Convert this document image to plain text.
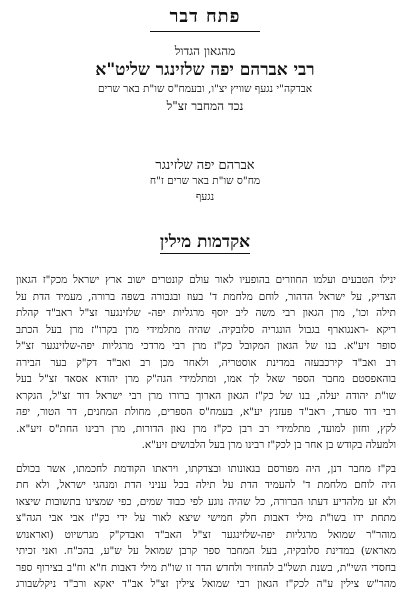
פתח דבר
מהגאון הגדול
רבי אברהם יפה שלזינגר שליט"א
אבדקה"י נגעף שוויץ יצ"ו, ובעמח"ס שו"ת באר שרים
נכד המחבר זצ"ל
אברהם יפה שלזינגר
מח"ס שו"ת באר שרים ז"ח
נגעף
אקדמות מילין
ינילו הטבעים ועלמו החוזרים בהופעיו לאור עולם קונטרים ישוב ארץ ישראל מכק"ז הגאון
הצדיק, על ישראל הדהור, לוחם מלחמת ד' בעוז ובגבורה בשפה ברורה, מעמיד הדת על
תילה וכו', מרן הגאון רבי משה ליב יוסף מרגליות יפה- שלזינגער זצ"ל ראב"ד קהלת
ריקא -ראנגוארף בגבול הונגריה סלובקיה. שהיה מתלמידי מרן בקרו"ז מרן בעל הכתב
סופר זיע"א. בנו של הגאון המקובל כק"ז מרן רבי מרדכי מרגליות יפה-שלזינגער זצ"ל
רב ואב"ד קירכבעזה במדינת אוסטריה, ולאחר מכן רב ואב"ד דק"ק בער הבירה
בוהאפסטם מחבר הספר שאל לך אמו, ומתלמידי הגה"ק מרן יהודא אסאד זצ"ל בעל
שו"ת יהודה יעלה, בנו של כק"ז הגאון הארוך ברורו מרן רבי ישראל דוד זצ"ל, הגקרא
רבי דוד סערד, ראב"ד פעזנץ יע"א, בעמח"ס הספרים, מחולת המחנים, דר הטור, יפה
לקץ, וחזון למועד, מתלמידי רב רבן כק"ז מרן נאון הדורות, מרן רבינו החת"ס זיע"א.
ולמעלה בקודש בן אחר בן לכק"ז רבינו מרן בעל הלבושים זיע"א.
בק"ז מחבר דנן, היה מפורסם בגאונותו ובצדקתו, ויראתו הקודמת לחכמתו, אשר בכולם
היה לוחם מלחמת ד' להעמיד הדת על תילה בכל עניני הדת ומנהגי ישראל, ולא חת
ולא זע מלהדיע דעתו הברורה, כל שהיה נוגע לפי כבוד שמים, כפי שמצינו בתשובות שיצאו
מתחת ידו בשו"ת מילי דאבות חלק חמישי שיצא לאור על ידי כק"ז אבי אבי הגה"צ
מוהר"ר שמואל מרגליות יפה-שלזינגער זצ"ל האב"ד ואבדק"ק מגרשיוט (ואראנוש
מאראש) במדינת סלובקיה, בעל המחבר ספר קרבן שמואל על ש"ע, בהכ"ח. ואני זכיתי
בחסדי השי"ת, בשנת תשל"ב להחזיר ולחדש הדר זו שו"ת מילי דאבות ח"א וח"ב בצירוף ספר
מהר"ש צילין ע"ה לכק"ז הגאון רבי שמואל צילין זצ"ל אב"ד יאקא ורב"ד ניקלשבורג
